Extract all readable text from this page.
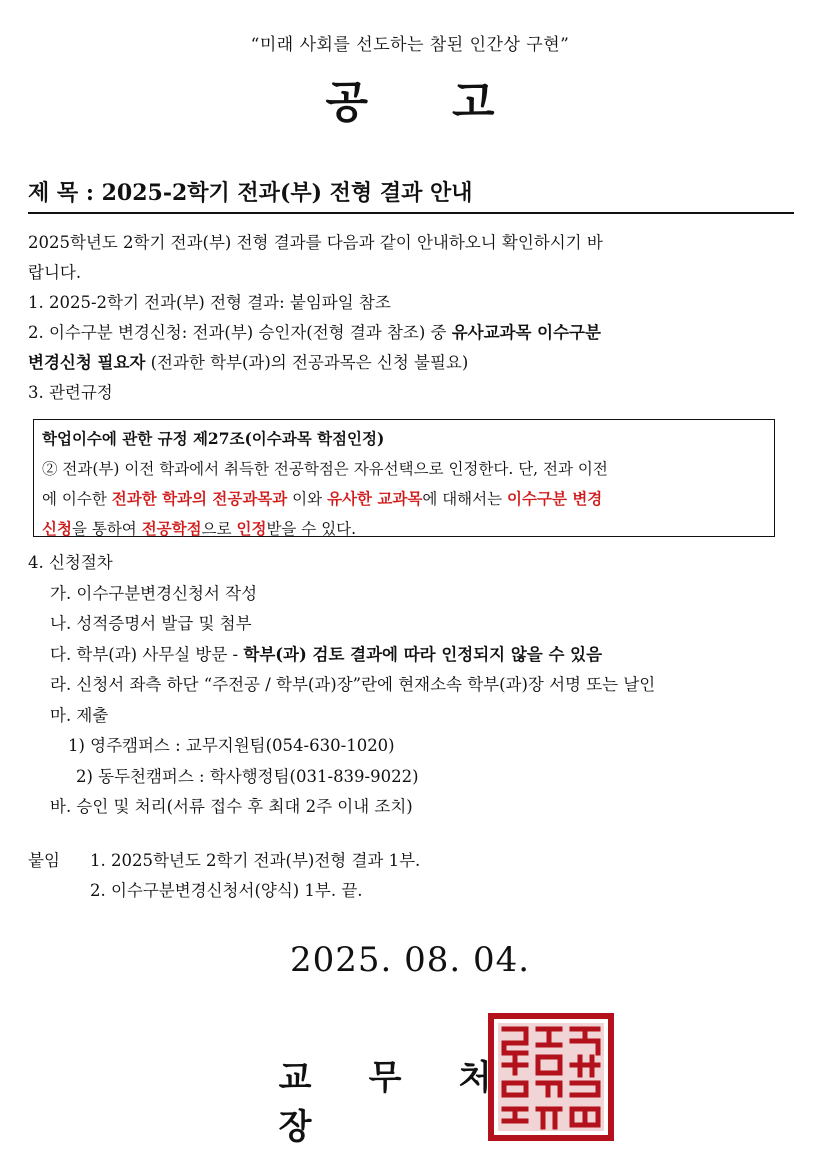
“미래 사회를 선도하는 참된 인간상 구현”
공 고
제 목 : 2025-2학기 전과(부) 전형 결과 안내

2025학년도 2학기 전과(부) 전형 결과를 다음과 같이 안내하오니 확인하시기 바

랍니다.

1. 2025-2학기 전과(부) 전형 결과: 붙임파일 참조

2. 이수구분 변경신청: 전과(부) 승인자(전형 결과 참조) 중 유사교과목 이수구분

변경신청 필요자 (전과한 학부(과)의 전공과목은 신청 불필요)

3. 관련규정

학업이수에 관한 규정 제27조(이수과목 학점인정)
② 전과(부) 이전 학과에서 취득한 전공학점은 자유선택으로 인정한다. 단, 전과 이전
에 이수한 전과한 학과의 전공과목과 이와 유사한 교과목에 대해서는 이수구분 변경
신청을 통하여 전공학점으로 인정받을 수 있다.

4. 신청절차

가. 이수구분변경신청서 작성

나. 성적증명서 발급 및 첨부

다. 학부(과) 사무실 방문 - 학부(과) 검토 결과에 따라 인정되지 않을 수 있음

라. 신청서 좌측 하단 “주전공 / 학부(과)장”란에 현재소속 학부(과)장 서명 또는 날인

마. 제출

1) 영주캠퍼스 : 교무지원팀(054-630-1020)

2) 동두천캠퍼스 : 학사행정팀(031-839-9022)

바. 승인 및 처리(서류 접수 후 최대 2주 이내 조치)

붙임 1. 2025학년도 2학기 전과(부)전형 결과 1부.

2. 이수구분변경신청서(양식) 1부. 끝.

2025. 08. 04.
교 무 처장
